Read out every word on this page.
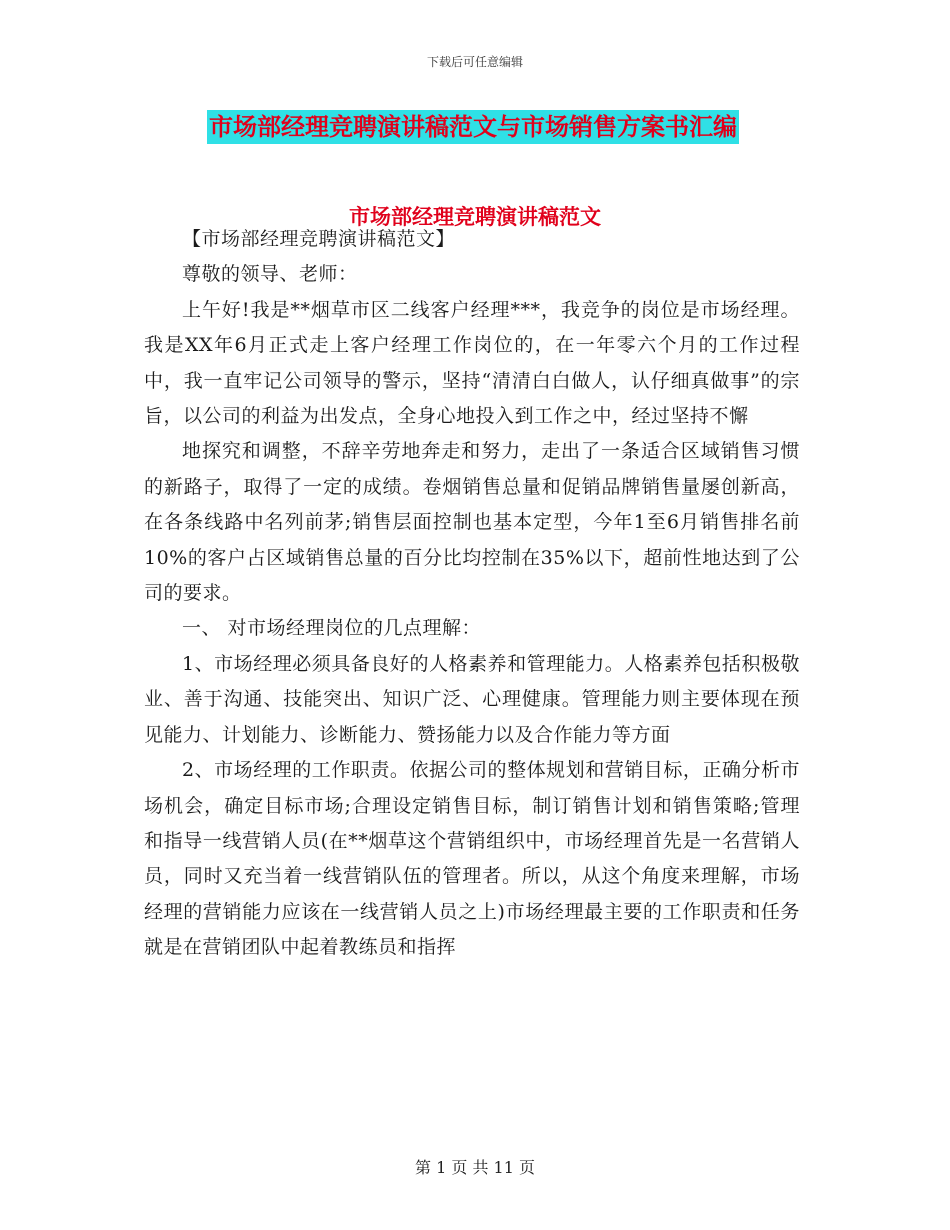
下载后可任意编辑
市场部经理竞聘演讲稿范文与市场销售方案书汇编
市场部经理竞聘演讲稿范文

【市场部经理竞聘演讲稿范文】

尊敬的领导、老师：

上午好!我是**烟草市区二线客户经理***，我竞争的岗位是市场经理。我是XX年6月正式走上客户经理工作岗位的，在一年零六个月的工作过程中，我一直牢记公司领导的警示，坚持“清清白白做人，认仔细真做事”的宗旨，以公司的利益为出发点，全身心地投入到工作之中，经过坚持不懈

地探究和调整，不辞辛劳地奔走和努力，走出了一条适合区域销售习惯的新路子，取得了一定的成绩。卷烟销售总量和促销品牌销售量屡创新高，在各条线路中名列前茅;销售层面控制也基本定型，今年1至6月销售排名前10%的客户占区域销售总量的百分比均控制在35%以下，超前性地达到了公司的要求。

一、 对市场经理岗位的几点理解：

1、市场经理必须具备良好的人格素养和管理能力。人格素养包括积极敬业、善于沟通、技能突出、知识广泛、心理健康。管理能力则主要体现在预见能力、计划能力、诊断能力、赞扬能力以及合作能力等方面

2、市场经理的工作职责。依据公司的整体规划和营销目标，正确分析市场机会，确定目标市场;合理设定销售目标，制订销售计划和销售策略;管理和指导一线营销人员(在**烟草这个营销组织中，市场经理首先是一名营销人员，同时又充当着一线营销队伍的管理者。所以，从这个角度来理解，市场经理的营销能力应该在一线营销人员之上)市场经理最主要的工作职责和任务就是在营销团队中起着教练员和指挥

第 1 页 共 11 页
